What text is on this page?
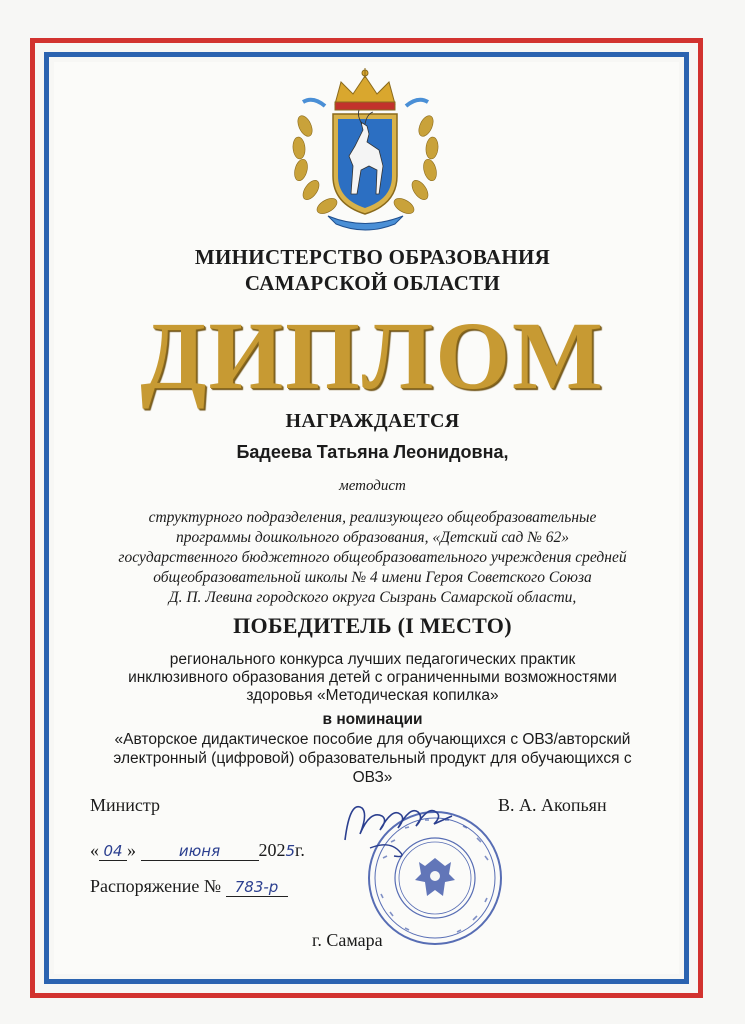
МИНИСТЕРСТВО ОБРАЗОВАНИЯ
САМАРСКОЙ ОБЛАСТИ
ДИПЛОМ
НАГРАЖДАЕТСЯ
Бадеева Татьяна Леонидовна,
методист
структурного подразделения, реализующего общеобразовательные
программы дошкольного образования, «Детский сад № 62»
государственного бюджетного общеобразовательного учреждения средней
общеобразовательной школы № 4 имени Героя Советского Союза
Д. П. Левина городского округа Сызрань Самарской области,
ПОБЕДИТЕЛЬ (I МЕСТО)
регионального конкурса лучших педагогических практик
инклюзивного образования детей с ограниченными возможностями
здоровья «Методическая копилка»
в номинации
«Авторское дидактическое пособие для обучающихся с ОВЗ/авторский
электронный (цифровой) образовательный продукт для обучающихся с
ОВЗ»
Министр	В. А. Акопьян
« 04 »	июня 2025г.
Распоряжение № 783-р
г. Самара
